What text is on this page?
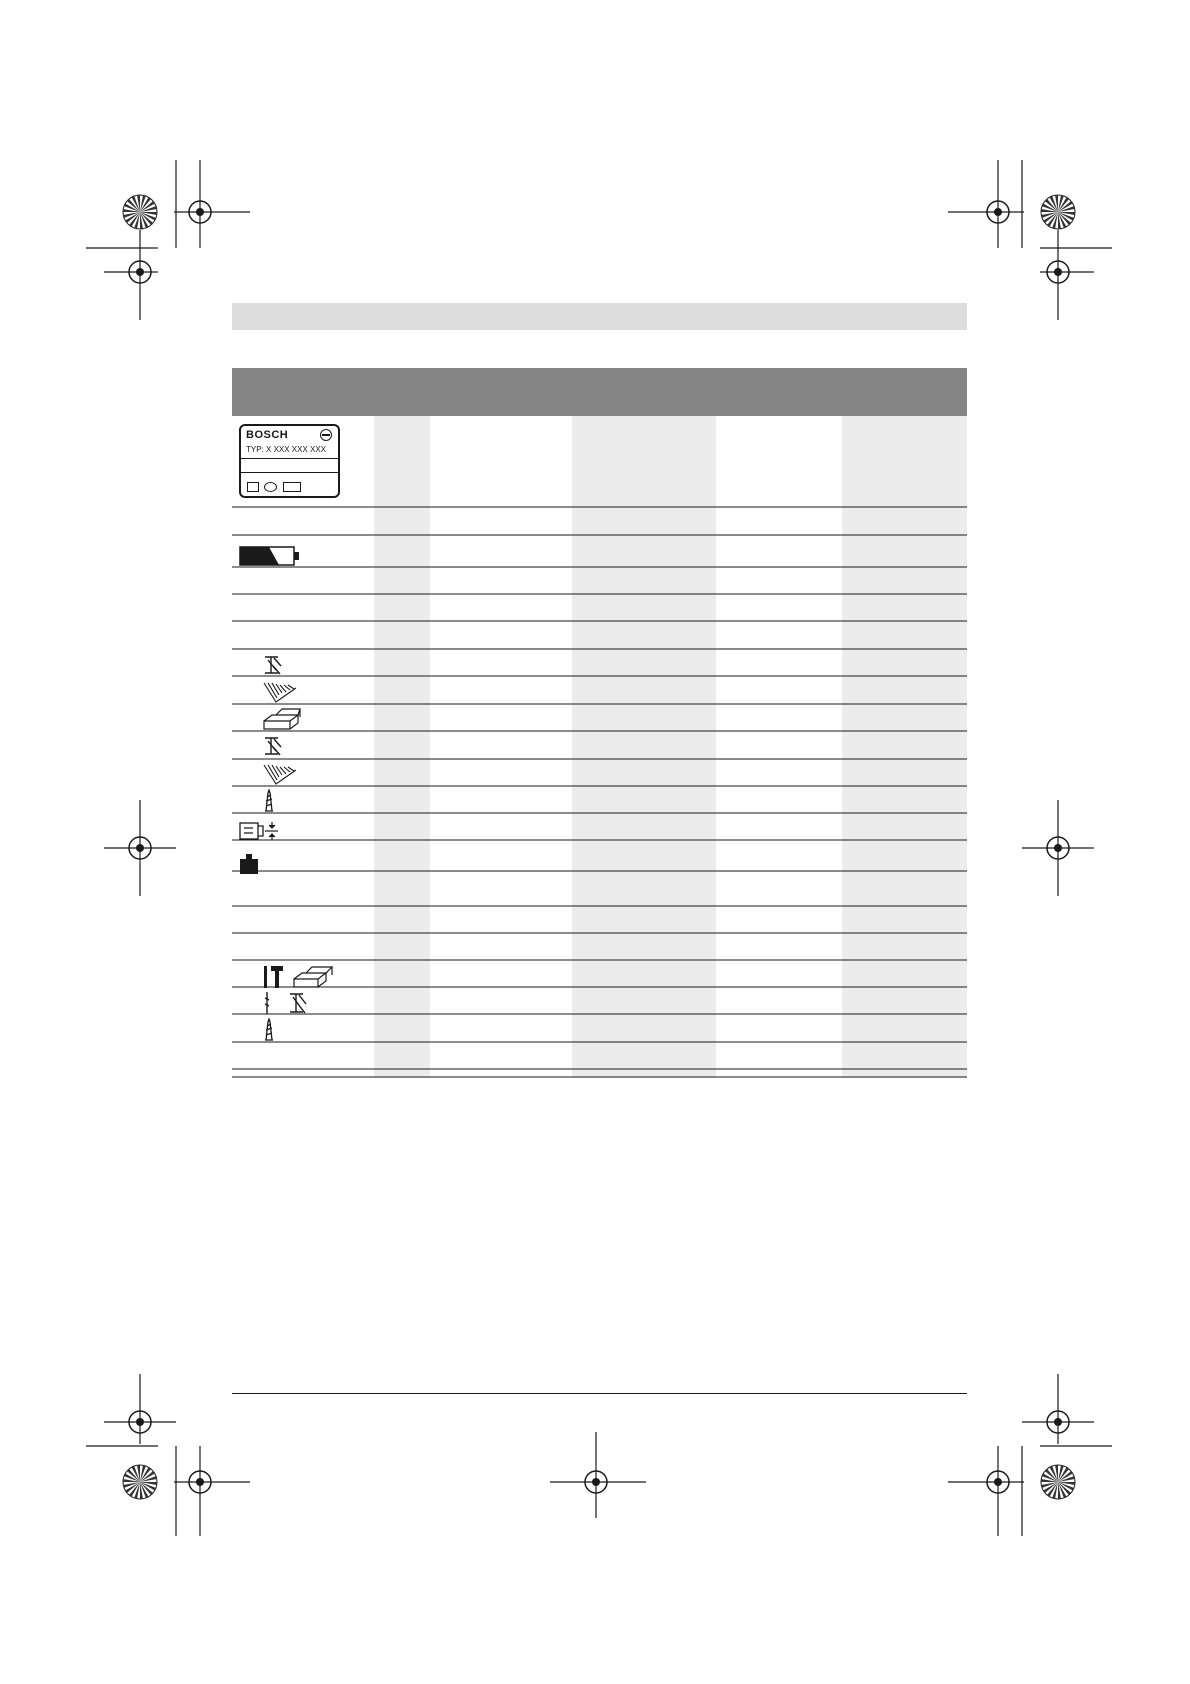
BOSCH
TYP: X XXX XXX XXX
